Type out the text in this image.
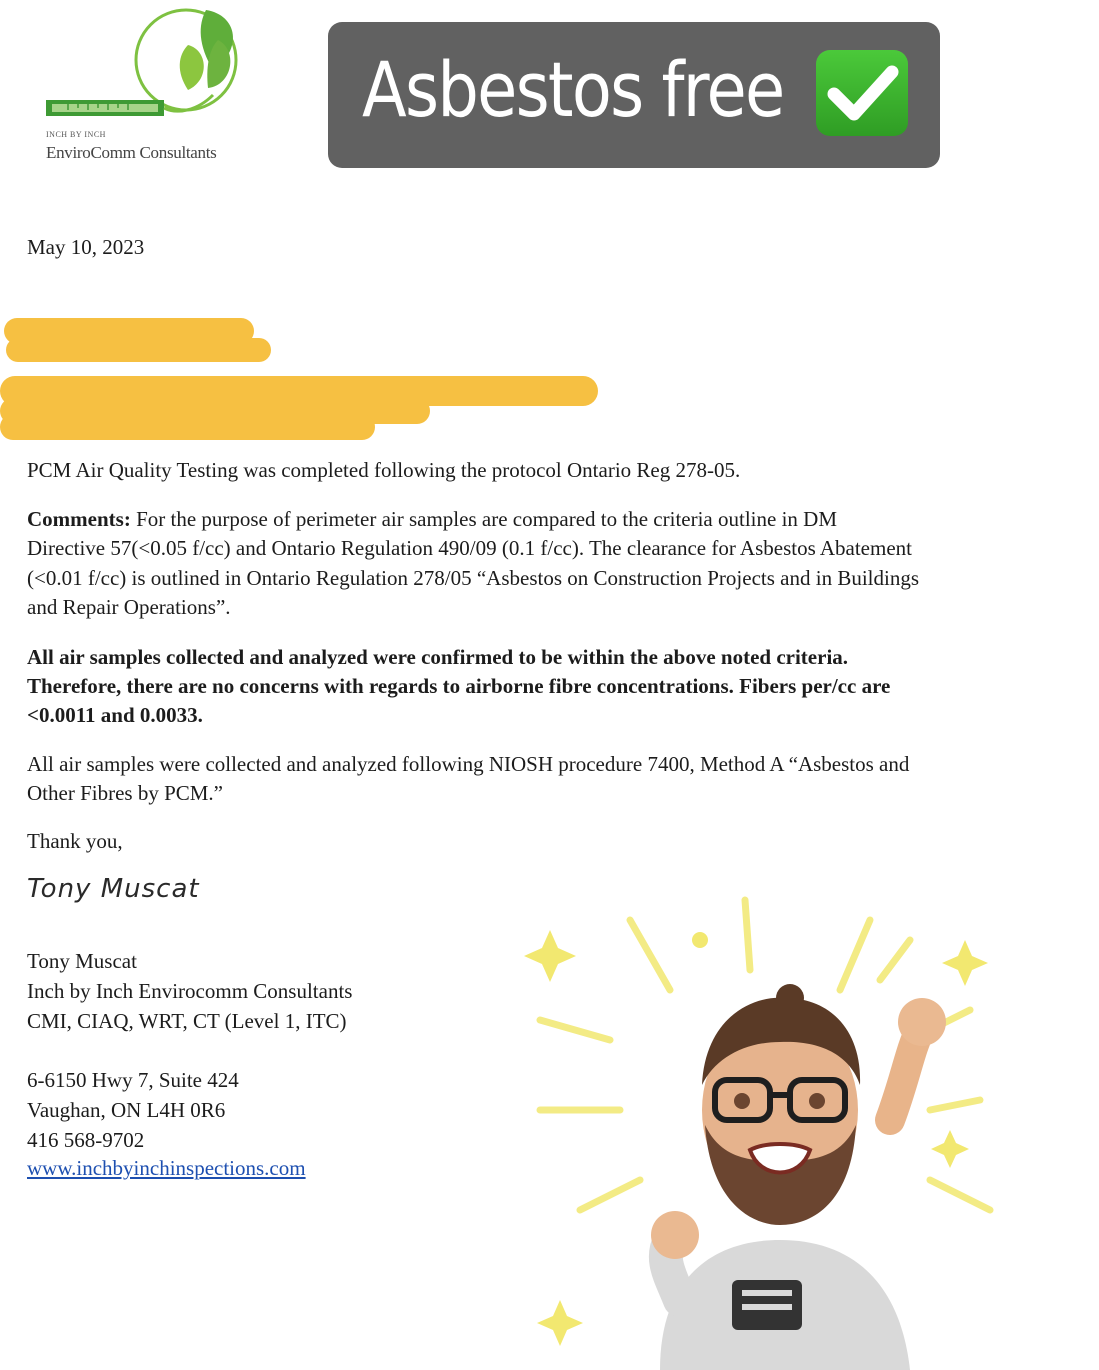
INCH BY INCH
EnviroComm Consultants
Asbestos free
May 10, 2023
PCM Air Quality Testing was completed following the protocol Ontario Reg 278-05.
Comments: For the purpose of perimeter air samples are compared to the criteria outline in DM
Directive 57(<0.05 f/cc) and Ontario Regulation 490/09 (0.1 f/cc). The clearance for Asbestos Abatement
(<0.01 f/cc) is outlined in Ontario Regulation 278/05 “Asbestos on Construction Projects and in Buildings
and Repair Operations”.
All air samples collected and analyzed were confirmed to be within the above noted criteria.
Therefore, there are no concerns with regards to airborne fibre concentrations. Fibers per/cc are
<0.0011 and 0.0033.
All air samples were collected and analyzed following NIOSH procedure 7400, Method A “Asbestos and
Other Fibres by PCM.”
Thank you,
Tony Muscat
Tony Muscat
Inch by Inch Envirocomm Consultants
CMI, CIAQ, WRT, CT (Level 1, ITC)
6-6150 Hwy 7, Suite 424
Vaughan, ON L4H 0R6
416 568-9702
www.inchbyinchinspections.com
